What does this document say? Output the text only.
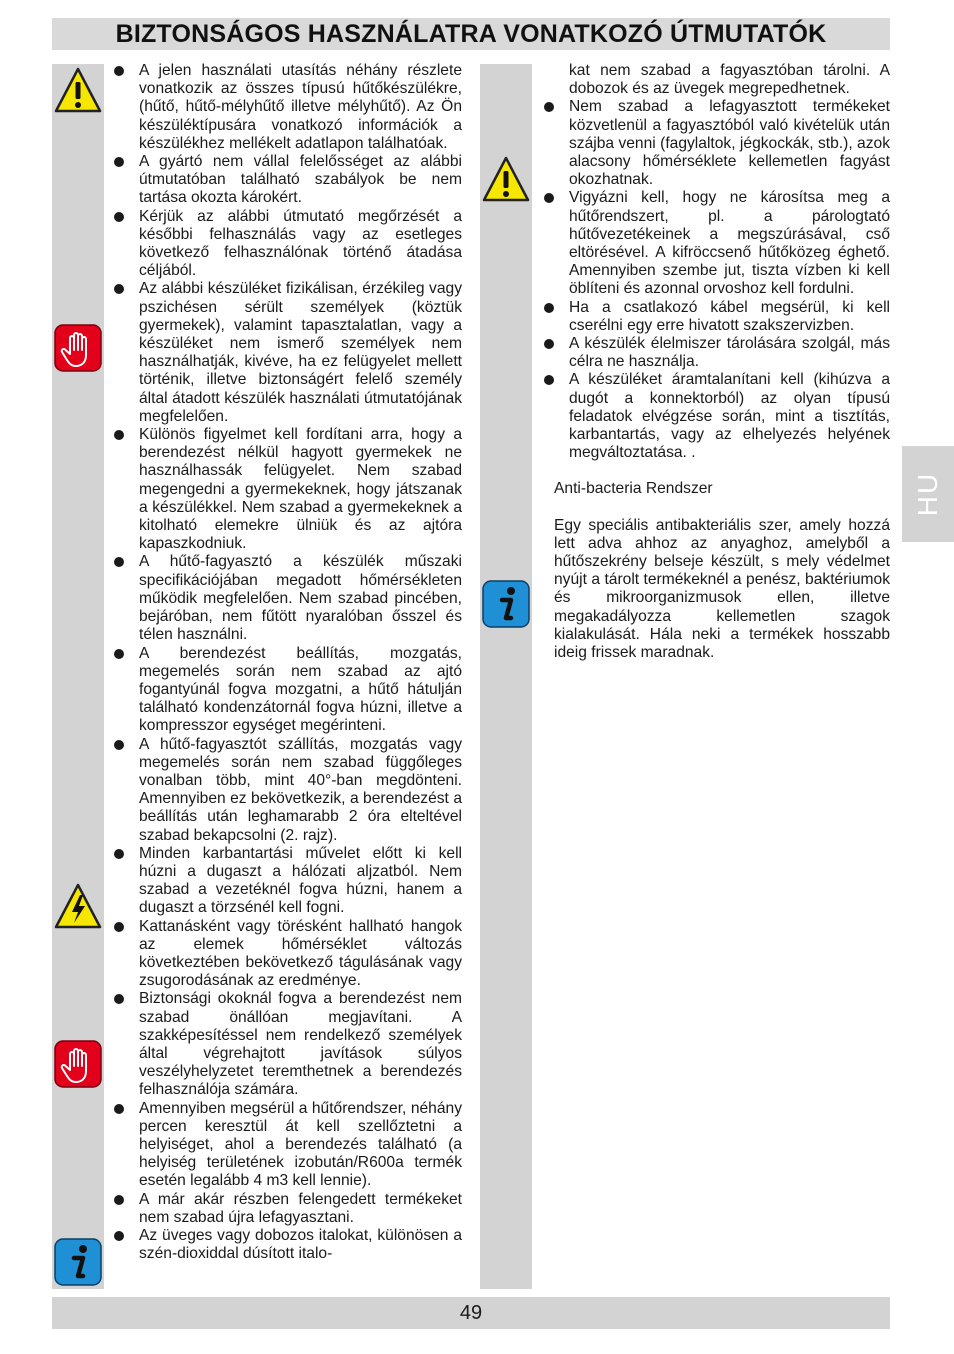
BIZTONSÁGOS HASZNÁLATRA VONATKOZÓ ÚTMUTATÓK
A jelen használati utasítás néhány részlete vonatkozik az összes típusú hűtőkészülékre, (hűtő, hűtő-mélyhűtő illetve mélyhűtő). Az Ön készüléktípusára vonatkozó információk a készülékhez mellékelt adatlapon találhatóak.
A gyártó nem vállal felelősséget az alábbi útmutatóban található szabályok be nem tartása okozta károkért.
Kérjük az alábbi útmutató megőrzését a későbbi felhasználás vagy az esetleges következő felhasználónak történő átadása céljából.
Az alábbi készüléket fizikálisan, érzékileg vagy pszichésen sérült személyek (köztük gyermekek), valamint tapasztalatlan, vagy a készüléket nem ismerő személyek nem használhatják, kivéve, ha ez felügyelet mellett történik, illetve biztonságért felelő személy által átadott készülék használati útmutatójának megfelelően.
Különös figyelmet kell fordítani arra, hogy a berendezést nélkül hagyott gyermekek ne használhassák felügyelet. Nem szabad megengedni a gyermekeknek, hogy játszanak a készülékkel. Nem szabad a gyermekeknek a kitolható elemekre ülniük és az ajtóra kapaszkodniuk.
A hűtő-fagyasztó a készülék műszaki specifikációjában megadott hőmérsékleten működik megfelelően. Nem szabad pincében, bejáróban, nem fűtött nyaralóban ősszel és télen használni.
A berendezést beállítás, mozgatás, megemelés során nem szabad az ajtó fogantyúnál fogva mozgatni, a hűtő hátulján található kondenzátornál fogva húzni, illetve a kompresszor egységet megérinteni.
A hűtő-fagyasztót szállítás, mozgatás vagy megemelés során nem szabad függőleges vonalban több, mint 40°-ban megdönteni. Amennyiben ez bekövetkezik, a berendezést a beállítás után leghamarabb 2 óra elteltével szabad bekapcsolni (2. rajz).
Minden karbantartási művelet előtt ki kell húzni a dugaszt a hálózati aljzatból. Nem szabad a vezetéknél fogva húzni, hanem a dugaszt a törzsénél kell fogni.
Kattanásként vagy törésként hallható hangok az elemek hőmérséklet változás következtében bekövetkező tágulásának vagy zsugorodásának az eredménye.
Biztonsági okoknál fogva a berendezést nem szabad önállóan megjavítani. A szakképesítéssel nem rendelkező személyek által végrehajtott javítások súlyos veszélyhelyzetet teremthetnek a berendezés felhasználója számára.
Amennyiben megsérül a hűtőrendszer, néhány percen keresztül át kell szellőztetni a helyiséget, ahol a berendezés található (a helyiség területének izobután/R600a termék esetén legalább 4 m3 kell lennie).
A már akár részben felengedett termékeket nem szabad újra lefagyasztani.
Az üveges vagy dobozos italokat, különösen a szén-dioxiddal dúsított italo-
kat nem szabad a fagyasztóban tárolni. A dobozok és az üvegek megrepedhetnek.
Nem szabad a lefagyasztott termékeket közvetlenül a fagyasztóból való kivételük után szájba venni (fagylaltok, jégkockák, stb.), azok alacsony hőmérséklete kellemetlen fagyást okozhatnak.
Vigyázni kell, hogy ne károsítsa meg a hűtőrendszert, pl. a párologtató hűtővezetékeinek a megszúrásával, cső eltörésével. A kifröccsenő hűtőközeg éghető. Amennyiben szembe jut, tiszta vízben ki kell öblíteni és azonnal orvoshoz kell fordulni.
Ha a csatlakozó kábel megsérül, ki kell cserélni egy erre hivatott szakszervizben.
A készülék élelmiszer tárolására szolgál, más célra ne használja.
A készüléket áramtalanítani kell (kihúzva a dugót a konnektorból) az olyan típusú feladatok elvégzése során, mint a tisztítás, karbantartás, vagy az elhelyezés helyének megváltoztatása. .
Anti-bacteria Rendszer
Egy speciális antibakteriális szer, amely hozzá lett adva ahhoz az anyaghoz, amelyből a hűtőszekrény belseje készült, s mely védelmet nyújt a tárolt termékeknél a penész, baktériumok és mikroorganizmusok ellen, illetve megakadályozza kellemetlen szagok kialakulását. Hála neki a termékek hosszabb ideig frissek maradnak.
HU
49
